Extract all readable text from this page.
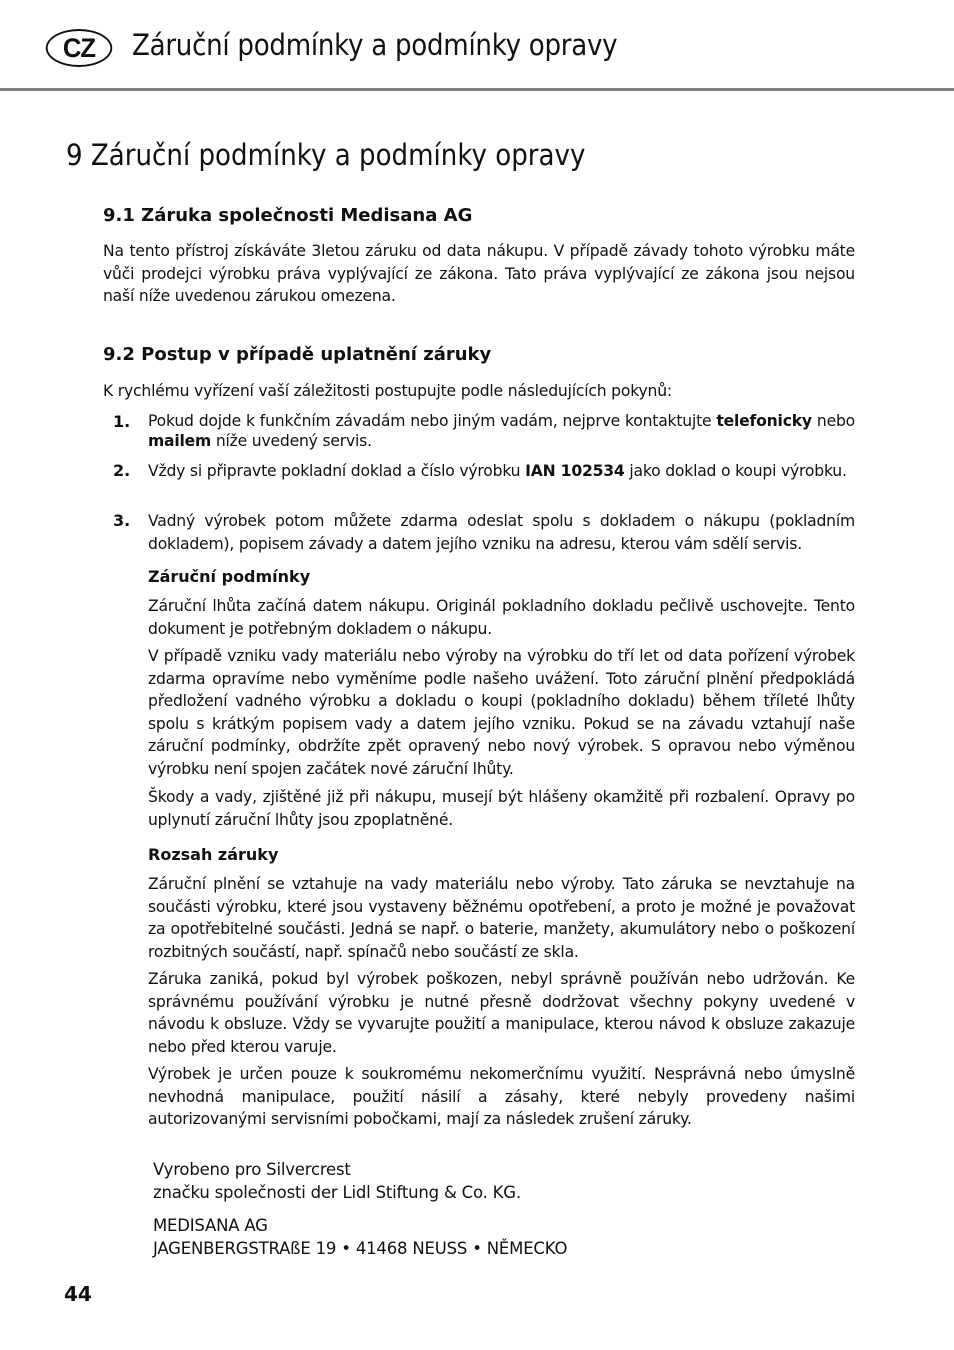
CZ	Záruční podmínky a podmínky opravy
9 Záruční podmínky a podmínky opravy
9.1 Záruka společnosti Medisana AG
Na tento přístroj získáváte 3letou záruku od data nákupu. V případě závady tohoto výrobku máte vůči prodejci výrobku práva vyplývající ze zákona. Tato práva vyplývající ze zákona jsou nejsou naší níže uvedenou zárukou omezena.
9.2 Postup v případě uplatnění záruky
K rychlému vyřízení vaší záležitosti postupujte podle následujících pokynů:
1. Pokud dojde k funkčním závadám nebo jiným vadám, nejprve kontaktujte telefonicky nebo mailem níže uvedený servis.
2. Vždy si připravte pokladní doklad a číslo výrobku IAN 102534 jako doklad o koupi výrobku.
3. Vadný výrobek potom můžete zdarma odeslat spolu s dokladem o nákupu (pokladním dokladem), popisem závady a datem jejího vzniku na adresu, kterou vám sdělí servis.
Záruční podmínky
Záruční lhůta začíná datem nákupu. Originál pokladního dokladu pečlivě uschovejte. Tento dokument je potřebným dokladem o nákupu.
V případě vzniku vady materiálu nebo výroby na výrobku do tří let od data pořízení výrobek zdarma opravíme nebo vyměníme podle našeho uvážení. Toto záruční plnění předpokládá předložení vadného výrobku a dokladu o koupi (pokladního dokladu) během tříleté lhůty spolu s krátkým popisem vady a datem jejího vzniku. Pokud se na závadu vztahují naše záruční podmínky, obdržíte zpět opravený nebo nový výrobek. S opravou nebo výměnou výrobku není spojen začátek nové záruční lhůty.
Škody a vady, zjištěné již při nákupu, musejí být hlášeny okamžitě při rozbalení. Opravy po uplynutí záruční lhůty jsou zpoplatněné.
Rozsah záruky
Záruční plnění se vztahuje na vady materiálu nebo výroby. Tato záruka se nevztahuje na součásti výrobku, které jsou vystaveny běžnému opotřebení, a proto je možné je považovat za opotřebitelné součásti. Jedná se např. o baterie, manžety, akumulátory nebo o poškození rozbitných součástí, např. spínačů nebo součástí ze skla.
Záruka zaniká, pokud byl výrobek poškozen, nebyl správně používán nebo udržován. Ke správnému používání výrobku je nutné přesně dodržovat všechny pokyny uvedené v návodu k obsluze. Vždy se vyvarujte použití a manipulace, kterou návod k obsluze zakazuje nebo před kterou varuje.
Výrobek je určen pouze k soukromému nekomerčnímu využití. Nesprávná nebo úmyslně nevhodná manipulace, použití násilí a zásahy, které nebyly provedeny našimi autorizovanými servisními pobočkami, mají za následek zrušení záruky.
Vyrobeno pro Silvercrest
značku společnosti der Lidl Stiftung & Co. KG.
MEDISANA AG
JAGENBERGSTRAßE 19 • 41468 NEUSS • NĚMECKO
44
